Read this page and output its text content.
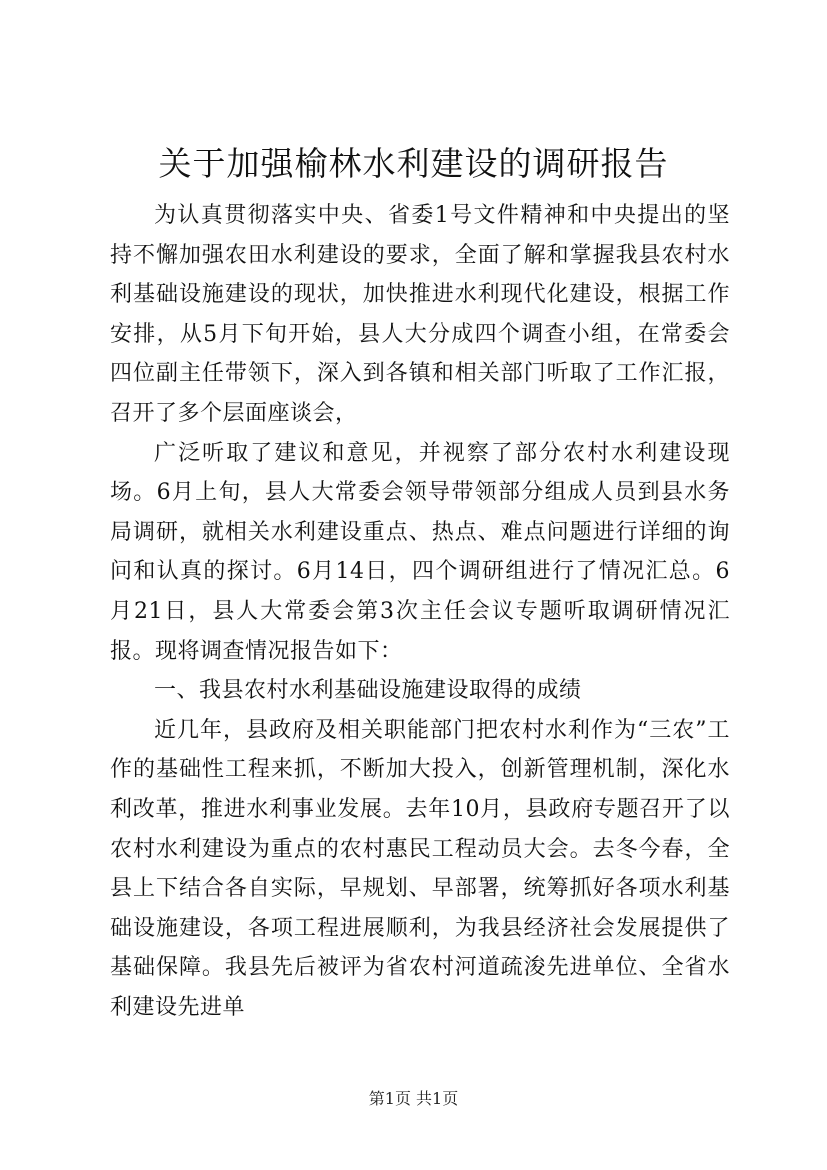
关于加强榆林水利建设的调研报告

为认真贯彻落实中央、省委1号文件精神和中央提出的坚持不懈加强农田水利建设的要求，全面了解和掌握我县农村水利基础设施建设的现状，加快推进水利现代化建设，根据工作安排，从5月下旬开始，县人大分成四个调查小组，在常委会四位副主任带领下，深入到各镇和相关部门听取了工作汇报，召开了多个层面座谈会，

广泛听取了建议和意见，并视察了部分农村水利建设现场。6月上旬，县人大常委会领导带领部分组成人员到县水务局调研，就相关水利建设重点、热点、难点问题进行详细的询问和认真的探讨。6月14日，四个调研组进行了情况汇总。6月21日，县人大常委会第3次主任会议专题听取调研情况汇报。现将调查情况报告如下：

一、我县农村水利基础设施建设取得的成绩

近几年，县政府及相关职能部门把农村水利作为“三农”工作的基础性工程来抓，不断加大投入，创新管理机制，深化水利改革，推进水利事业发展。去年10月，县政府专题召开了以农村水利建设为重点的农村惠民工程动员大会。去冬今春，全县上下结合各自实际，早规划、早部署，统筹抓好各项水利基础设施建设，各项工程进展顺利，为我县经济社会发展提供了基础保障。我县先后被评为省农村河道疏浚先进单位、全省水利建设先进单

第1页 共1页
